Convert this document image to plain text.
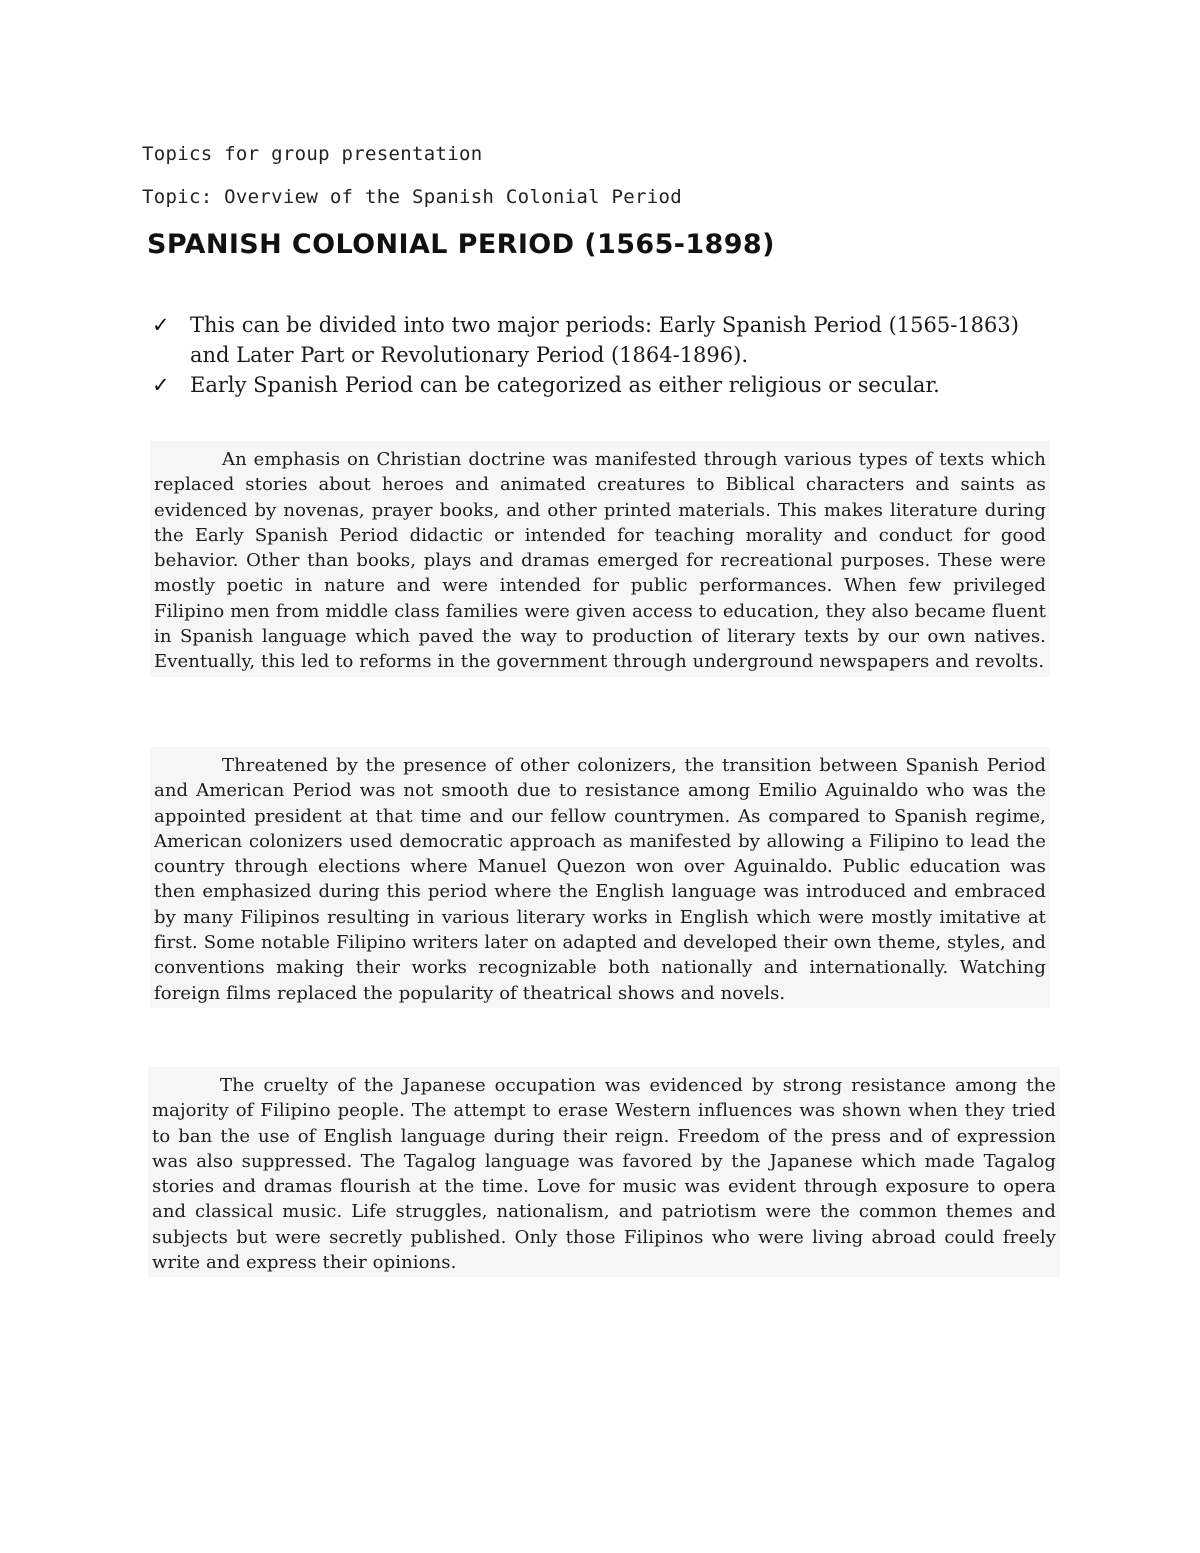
Topics for group presentation
Topic: Overview of the Spanish Colonial Period
SPANISH COLONIAL PERIOD (1565-1898)
✓ This can be divided into two major periods: Early Spanish Period (1565-1863) and Later Part or Revolutionary Period (1864-1896).
✓ Early Spanish Period can be categorized as either religious or secular.

An emphasis on Christian doctrine was manifested through various types of texts which replaced stories about heroes and animated creatures to Biblical characters and saints as evidenced by novenas, prayer books, and other printed materials. This makes literature during the Early Spanish Period didactic or intended for teaching morality and conduct for good behavior. Other than books, plays and dramas emerged for recreational purposes. These were mostly poetic in nature and were intended for public performances. When few privileged Filipino men from middle class families were given access to education, they also became fluent in Spanish language which paved the way to production of literary texts by our own natives. Eventually, this led to reforms in the government through underground newspapers and revolts.

Threatened by the presence of other colonizers, the transition between Spanish Period and American Period was not smooth due to resistance among Emilio Aguinaldo who was the appointed president at that time and our fellow countrymen. As compared to Spanish regime, American colonizers used democratic approach as manifested by allowing a Filipino to lead the country through elections where Manuel Quezon won over Aguinaldo. Public education was then emphasized during this period where the English language was introduced and embraced by many Filipinos resulting in various literary works in English which were mostly imitative at first. Some notable Filipino writers later on adapted and developed their own theme, styles, and conventions making their works recognizable both nationally and internationally. Watching foreign films replaced the popularity of theatrical shows and novels.

The cruelty of the Japanese occupation was evidenced by strong resistance among the majority of Filipino people. The attempt to erase Western influences was shown when they tried to ban the use of English language during their reign. Freedom of the press and of expression was also suppressed. The Tagalog language was favored by the Japanese which made Tagalog stories and dramas flourish at the time. Love for music was evident through exposure to opera and classical music. Life struggles, nationalism, and patriotism were the common themes and subjects but were secretly published. Only those Filipinos who were living abroad could freely write and express their opinions.
